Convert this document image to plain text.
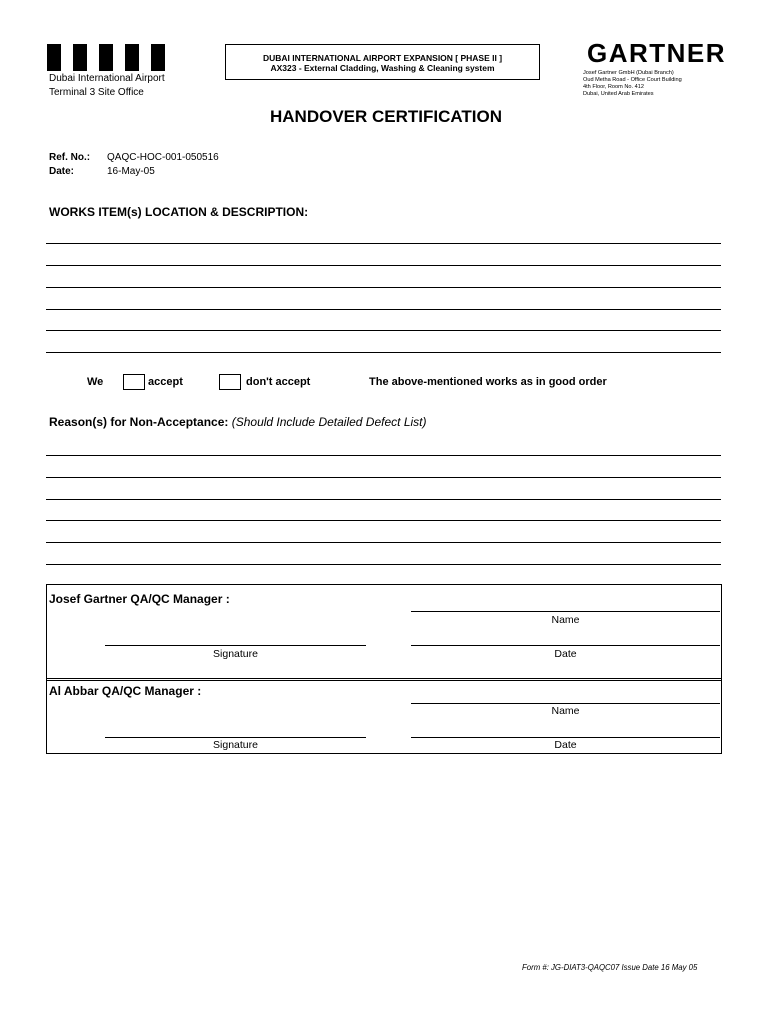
Dubai International Airport
Terminal 3 Site Office
DUBAI INTERNATIONAL AIRPORT EXPANSION [ PHASE II ]
AX323 - External Cladding, Washing & Cleaning system	GARTNER
Josef Gartner GmbH (Dubai Branch)
Oud Metha Road - Office Court Building
4th Floor, Room No. 412
Dubai, United Arab Emirates
HANDOVER CERTIFICATION
Ref. No.: QAQC-HOC-001-050516
Date:	16-May-05
WORKS ITEM(s) LOCATION & DESCRIPTION:
We	accept	don't accept	The above-mentioned works as in good order
Reason(s) for Non-Acceptance: (Should Include Detailed Defect List)
Josef Gartner QA/QC Manager :
Name
Signature	Date
Al Abbar QA/QC Manager :
Name
Signature	Date
Form #: JG-DIAT3-QAQC07 Issue Date 16 May 05
